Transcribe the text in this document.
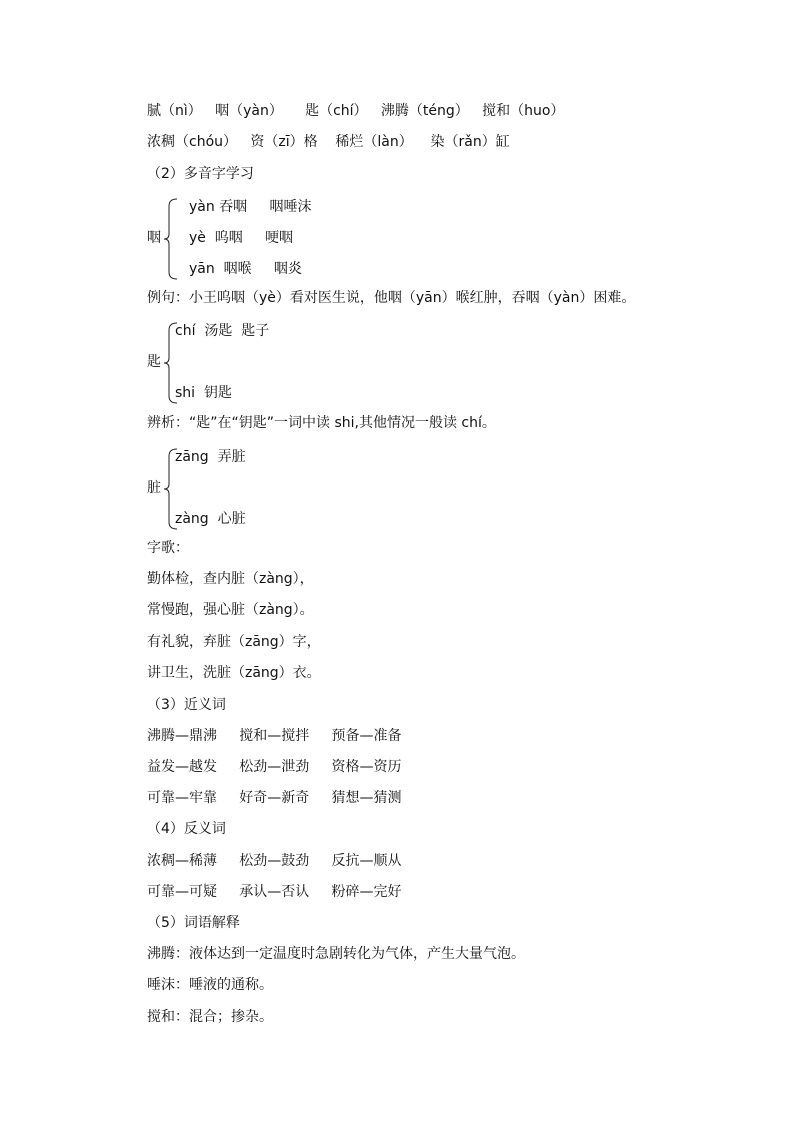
腻（nì）   咽（yàn）     匙（chí）   沸腾（téng）   搅和（huo）
浓稠（chóu）   资（zī）格    稀烂（làn）    染（rǎn）缸
（2）多音字学习
咽
yàn 吞咽     咽唾沫
yè  呜咽     哽咽
yān  咽喉     咽炎
例句：小王呜咽（yè）看对医生说，他咽（yān）喉红肿，吞咽（yàn）困难。
匙
chí  汤匙  匙子
shi  钥匙
辨析：“匙”在“钥匙”一词中读 shi,其他情况一般读 chí。
脏
zāng  弄脏
zàng  心脏
字歌：
勤体检，查内脏（zàng），
常慢跑，强心脏（zàng）。
有礼貌，弃脏（zāng）字，
讲卫生，洗脏（zāng）衣。
（3）近义词
沸腾—鼎沸     搅和—搅拌     预备—准备
益发—越发     松劲—泄劲     资格—资历
可靠—牢靠     好奇—新奇     猜想—猜测
（4）反义词
浓稠—稀薄     松劲—鼓劲     反抗—顺从
可靠—可疑     承认—否认     粉碎—完好
（5）词语解释
沸腾：液体达到一定温度时急剧转化为气体，产生大量气泡。
唾沫：唾液的通称。
搅和：混合；掺杂。
